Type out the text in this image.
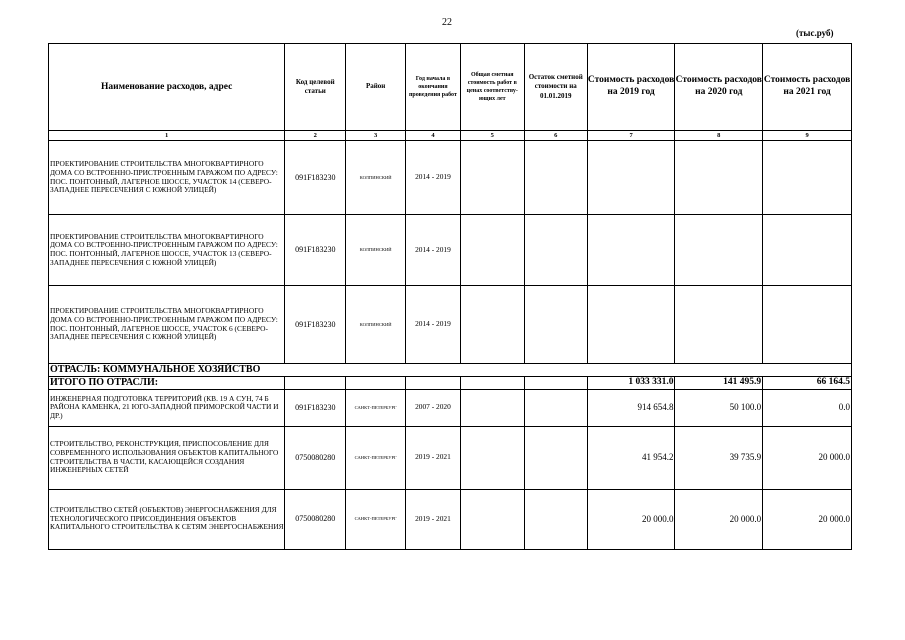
22
(тыс.руб)
Наименование расходов, адрес	Код целевой статьи	Район	Год начала в окончания проведения работ	Общая сметная стоимость работ в ценах соответству-ющих лет	Остаток сметной стоимости на 01.01.2019	Стоимость расходов на 2019 год	Стоимость расходов на 2020 год	Стоимость расходов на 2021 год
1	2	3	4	5	6	7	8	9
ПРОЕКТИРОВАНИЕ СТРОИТЕЛЬСТВА МНОГОКВАРТИРНОГО ДОМА СО ВСТРОЕННО-ПРИСТРОЕННЫМ ГАРАЖОМ ПО АДРЕСУ: ПОС. ПОНТОННЫЙ, ЛАГЕРНОЕ ШОССЕ, УЧАСТОК 14 (СЕВЕРО-ЗАПАДНЕЕ ПЕРЕСЕЧЕНИЯ С ЮЖНОЙ УЛИЦЕЙ)	091F183230	КОЛПИНСКИЙ	2014 - 2019					
ПРОЕКТИРОВАНИЕ СТРОИТЕЛЬСТВА МНОГОКВАРТИРНОГО ДОМА СО ВСТРОЕННО-ПРИСТРОЕННЫМ ГАРАЖОМ ПО АДРЕСУ: ПОС. ПОНТОННЫЙ, ЛАГЕРНОЕ ШОССЕ, УЧАСТОК 13 (СЕВЕРО-ЗАПАДНЕЕ ПЕРЕСЕЧЕНИЯ С ЮЖНОЙ УЛИЦЕЙ)	091F183230	КОЛПИНСКИЙ	2014 - 2019					
ПРОЕКТИРОВАНИЕ СТРОИТЕЛЬСТВА МНОГОКВАРТИРНОГО ДОМА СО ВСТРОЕННО-ПРИСТРОЕННЫМ ГАРАЖОМ ПО АДРЕСУ: ПОС. ПОНТОННЫЙ, ЛАГЕРНОЕ ШОССЕ, УЧАСТОК 6 (СЕВЕРО-ЗАПАДНЕЕ ПЕРЕСЕЧЕНИЯ С ЮЖНОЙ УЛИЦЕЙ)	091F183230	КОЛПИНСКИЙ	2014 - 2019					
ОТРАСЛЬ: КОММУНАЛЬНОЕ ХОЗЯЙСТВО								
ИТОГО ПО ОТРАСЛИ:						1 033 331.0	141 495.9	66 164.5
ИНЖЕНЕРНАЯ ПОДГОТОВКА ТЕРРИТОРИЙ (КВ. 19 А СУН, 74 Б РАЙОНА КАМЕНКА, 21 ЮГО-ЗАПАДНОЙ ПРИМОРСКОЙ ЧАСТИ И ДР.)	091F183230	САНКТ-ПЕТЕРБУРГ	2007 - 2020			914 654.8	50 100.0	0.0
СТРОИТЕЛЬСТВО, РЕКОНСТРУКЦИЯ, ПРИСПОСОБЛЕНИЕ ДЛЯ СОВРЕМЕННОГО ИСПОЛЬЗОВАНИЯ ОБЪЕКТОВ КАПИТАЛЬНОГО СТРОИТЕЛЬСТВА В ЧАСТИ, КАСАЮЩЕЙСЯ СОЗДАНИЯ ИНЖЕНЕРНЫХ СЕТЕЙ	0750080280	САНКТ-ПЕТЕРБУРГ	2019 - 2021			41 954.2	39 735.9	20 000.0
СТРОИТЕЛЬСТВО СЕТЕЙ (ОБЪЕКТОВ) ЭНЕРГОСНАБЖЕНИЯ ДЛЯ ТЕХНОЛОГИЧЕСКОГО ПРИСОЕДИНЕНИЯ ОБЪЕКТОВ КАПИТАЛЬНОГО СТРОИТЕЛЬСТВА К СЕТЯМ ЭНЕРГОСНАБЖЕНИЯ	0750080280	САНКТ-ПЕТЕРБУРГ	2019 - 2021			20 000.0	20 000.0	20 000.0
